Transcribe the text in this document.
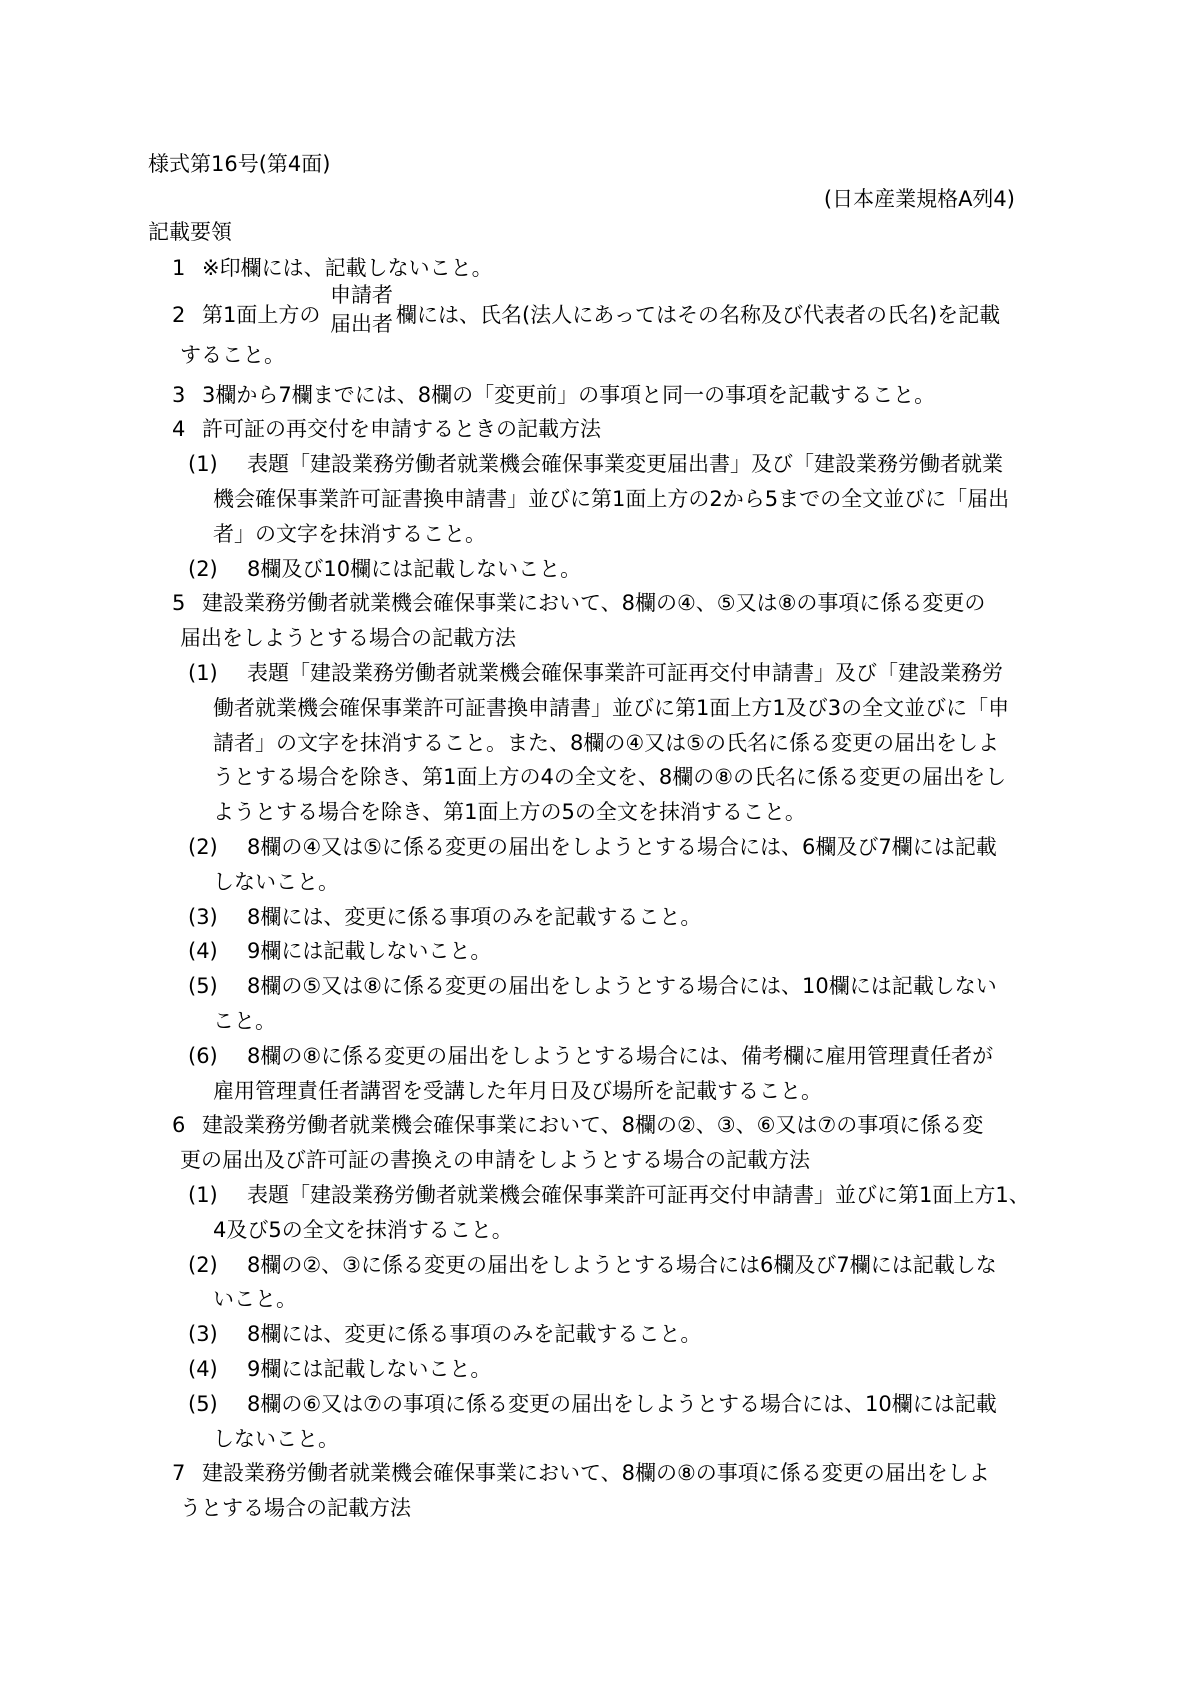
様式第16号(第4面)
(日本産業規格A列4)
記載要領
1 ※印欄には、記載しないこと。
2 第1面上方の
申請者
届出者 欄には、氏名(法人にあってはその名称及び代表者の氏名)を記載
すること。
3 3欄から7欄までには、8欄の「変更前」の事項と同一の事項を記載すること。
4 許可証の再交付を申請するときの記載方法
(1) 表題「建設業務労働者就業機会確保事業変更届出書」及び「建設業務労働者就業
機会確保事業許可証書換申請書」並びに第1面上方の2から5までの全文並びに「届出
者」の文字を抹消すること。
(2) 8欄及び10欄には記載しないこと。
5 建設業務労働者就業機会確保事業において、8欄の④、⑤又は⑧の事項に係る変更の
届出をしようとする場合の記載方法
(1) 表題「建設業務労働者就業機会確保事業許可証再交付申請書」及び「建設業務労
働者就業機会確保事業許可証書換申請書」並びに第1面上方1及び3の全文並びに「申
請者」の文字を抹消すること。また、8欄の④又は⑤の氏名に係る変更の届出をしよ
うとする場合を除き、第1面上方の4の全文を、8欄の⑧の氏名に係る変更の届出をし
ようとする場合を除き、第1面上方の5の全文を抹消すること。
(2) 8欄の④又は⑤に係る変更の届出をしようとする場合には、6欄及び7欄には記載
しないこと。
(3) 8欄には、変更に係る事項のみを記載すること。
(4) 9欄には記載しないこと。
(5) 8欄の⑤又は⑧に係る変更の届出をしようとする場合には、10欄には記載しない
こと。
(6) 8欄の⑧に係る変更の届出をしようとする場合には、備考欄に雇用管理責任者が
雇用管理責任者講習を受講した年月日及び場所を記載すること。
6 建設業務労働者就業機会確保事業において、8欄の②、③、⑥又は⑦の事項に係る変
更の届出及び許可証の書換えの申請をしようとする場合の記載方法
(1) 表題「建設業務労働者就業機会確保事業許可証再交付申請書」並びに第1面上方1、
4及び5の全文を抹消すること。
(2) 8欄の②、③に係る変更の届出をしようとする場合には6欄及び7欄には記載しな
いこと。
(3) 8欄には、変更に係る事項のみを記載すること。
(4) 9欄には記載しないこと。
(5) 8欄の⑥又は⑦の事項に係る変更の届出をしようとする場合には、10欄には記載
しないこと。
7 建設業務労働者就業機会確保事業において、8欄の⑧の事項に係る変更の届出をしよ
うとする場合の記載方法
